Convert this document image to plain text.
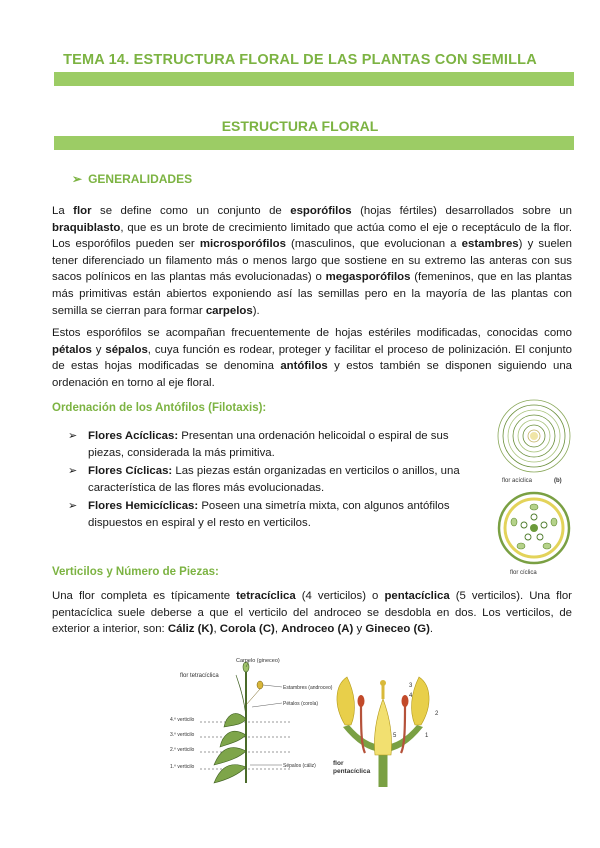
TEMA 14. ESTRUCTURA FLORAL DE LAS PLANTAS CON SEMILLA
ESTRUCTURA FLORAL
➢ GENERALIDADES

La flor se define como un conjunto de esporófilos (hojas fértiles) desarrollados sobre un braquiblasto, que es un brote de crecimiento limitado que actúa como el eje o receptáculo de la flor. Los esporófilos pueden ser microsporófilos (masculinos, que evolucionan a estambres) y suelen tener diferenciado un filamento más o menos largo que sostiene en su extremo las anteras con sus sacos polínicos en las plantas más evolucionadas) o megasporófilos (femeninos, que en las plantas más primitivas están abiertos exponiendo así las semillas pero en la mayoría de las plantas con semilla se cierran para formar carpelos).

Estos esporófilos se acompañan frecuentemente de hojas estériles modificadas, conocidas como pétalos y sépalos, cuya función es rodear, proteger y facilitar el proceso de polinización. El conjunto de estas hojas modificadas se denomina antófilos y estos también se disponen siguiendo una ordenación en torno al eje floral.

Ordenación de los Antófilos (Filotaxis):
➢ Flores Acíclicas: Presentan una ordenación helicoidal o espiral de sus piezas, considerada la más primitiva.
➢ Flores Cíclicas: Las piezas están organizadas en verticilos o anillos, una característica de las flores más evolucionadas.
➢ Flores Hemicíclicas: Poseen una simetría mixta, con algunos antófilos dispuestos en espiral y el resto en verticilos.
flor acíclica	(b)
flor cíclica
Verticilos y Número de Piezas:

Una flor completa es típicamente tetracíclica (4 verticilos) o pentacíclica (5 verticilos). Una flor pentacíclica suele deberse a que el verticilo del androceo se desdobla en dos. Los verticilos, de exterior a interior, son: Cáliz (K), Corola (C), Androceo (A) y Gineceo (G).

Carpelo (gineceo)
flor tetracíclica
Estambres (androceo)
Pétalos (corola)
Sépalos (cáliz)
4.º verticilo
3.º verticilo
2.º verticilo
1.º verticilo
3
4
2
1
5
flor
pentacíclica
